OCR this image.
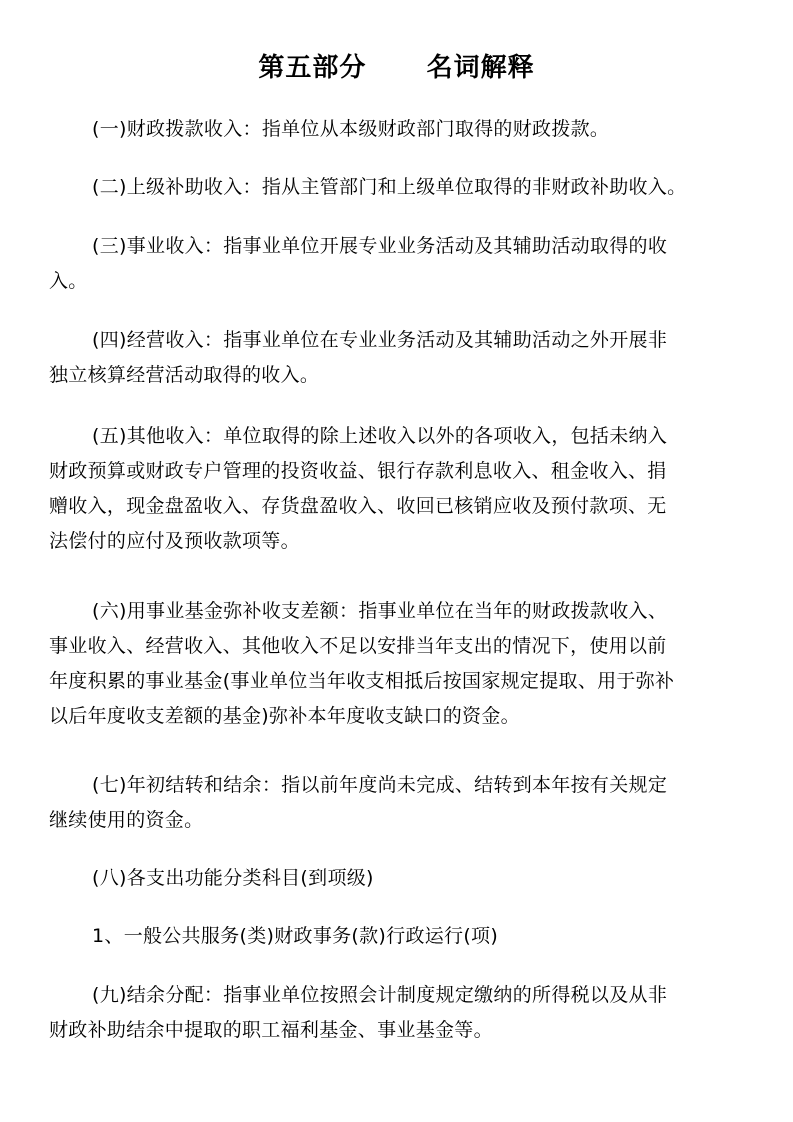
第五部分      名词解释
(一)财政拨款收入：指单位从本级财政部门取得的财政拨款。
(二)上级补助收入：指从主管部门和上级单位取得的非财政补助收入。
(三)事业收入：指事业单位开展专业业务活动及其辅助活动取得的收
入。
(四)经营收入：指事业单位在专业业务活动及其辅助活动之外开展非
独立核算经营活动取得的收入。
(五)其他收入：单位取得的除上述收入以外的各项收入，包括未纳入
财政预算或财政专户管理的投资收益、银行存款利息收入、租金收入、捐
赠收入，现金盘盈收入、存货盘盈收入、收回已核销应收及预付款项、无
法偿付的应付及预收款项等。
(六)用事业基金弥补收支差额：指事业单位在当年的财政拨款收入、
事业收入、经营收入、其他收入不足以安排当年支出的情况下，使用以前
年度积累的事业基金(事业单位当年收支相抵后按国家规定提取、用于弥补
以后年度收支差额的基金)弥补本年度收支缺口的资金。
(七)年初结转和结余：指以前年度尚未完成、结转到本年按有关规定
继续使用的资金。
(八)各支出功能分类科目(到项级)
1、一般公共服务(类)财政事务(款)行政运行(项)
(九)结余分配：指事业单位按照会计制度规定缴纳的所得税以及从非
财政补助结余中提取的职工福利基金、事业基金等。
